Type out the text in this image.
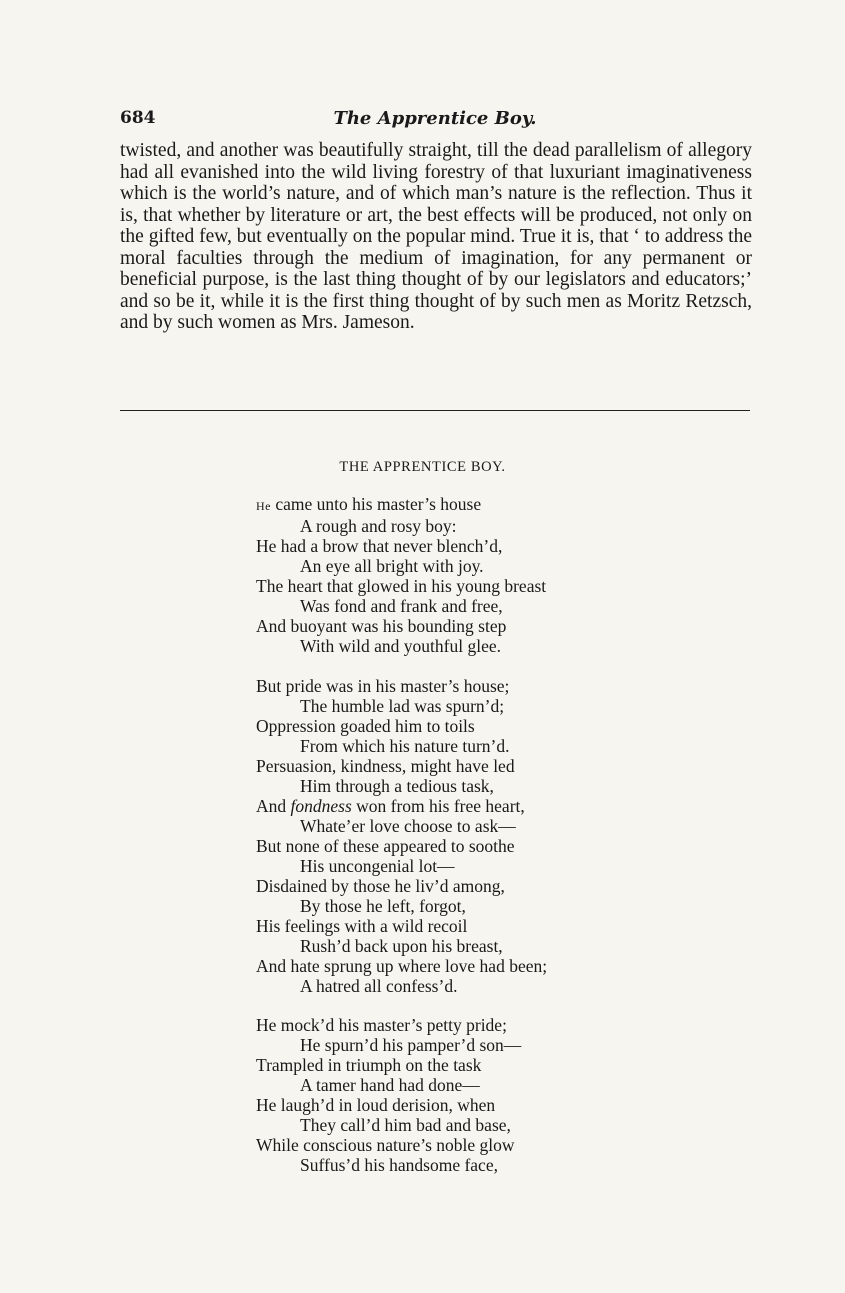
684	The Apprentice Boy.

twisted, and another was beautifully straight, till the dead parallelism of allegory had all evanished into the wild living forestry of that luxuriant imaginativeness which is the world’s nature, and of which man’s nature is the reflection. Thus it is, that whether by literature or art, the best effects will be produced, not only on the gifted few, but eventually on the popular mind. True it is, that ‘ to address the moral faculties through the medium of imagination, for any permanent or beneficial purpose, is the last thing thought of by our legislators and educators;’ and so be it, while it is the first thing thought of by such men as Moritz Retzsch, and by such women as Mrs. Jameson.

THE APPRENTICE BOY.
He came unto his master’s house
A rough and rosy boy:
He had a brow that never blench’d,
An eye all bright with joy.
The heart that glowed in his young breast
Was fond and frank and free,
And buoyant was his bounding step
With wild and youthful glee.
But pride was in his master’s house;
The humble lad was spurn’d;
Oppression goaded him to toils
From which his nature turn’d.
Persuasion, kindness, might have led
Him through a tedious task,
And fondness won from his free heart,
Whate’er love choose to ask—
But none of these appeared to soothe
His uncongenial lot—
Disdained by those he liv’d among,
By those he left, forgot,
His feelings with a wild recoil
Rush’d back upon his breast,
And hate sprung up where love had been;
A hatred all confess’d.
He mock’d his master’s petty pride;
He spurn’d his pamper’d son—
Trampled in triumph on the task
A tamer hand had done—
He laugh’d in loud derision, when
They call’d him bad and base,
While conscious nature’s noble glow
Suffus’d his handsome face,
